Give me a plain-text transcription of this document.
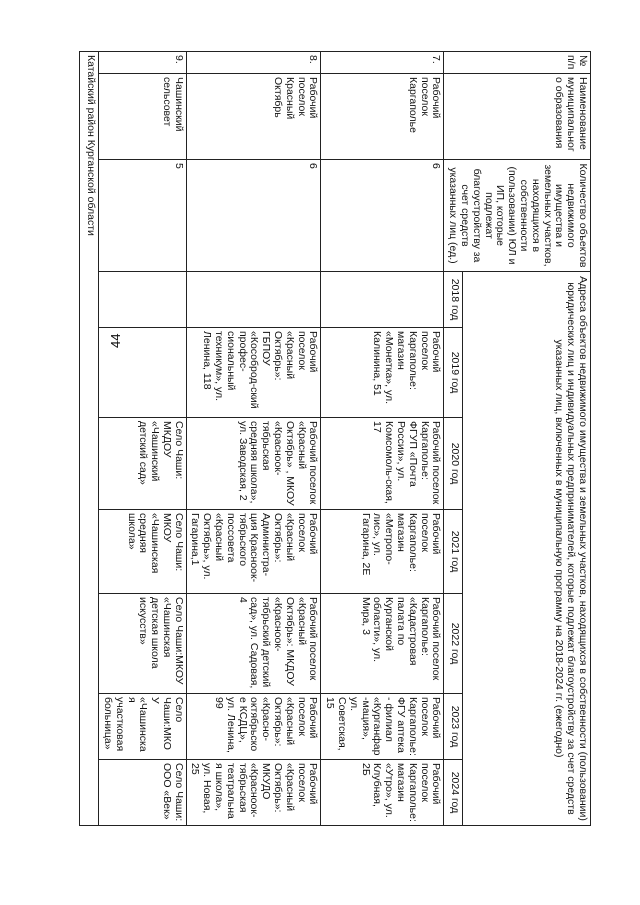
44
№ п/п	Наименование муниципального образования	Количество объектов недвижимого имущества и земельных участков, находящихся в собственности (пользовании) ЮЛ и ИП, которые подлежат благоустройству за счет средств указанных лиц (ед.)	Адреса объектов недвижимого имущества и земельных участков, находящихся в собственности (пользовании) юридических лиц и индивидуальных предпринимателей, которые подлежат благоустройству за счет средств указанных лиц, включенных в муниципальную программу на 2018-2024 гг. (ежегодно)						
			2018 год	2019 год	2020 год	2021 год	2022 год	2023 год	2024 год
7.	Рабочий поселок Каргаполье	6		Рабочий поселок Каргаполье: магазин «Монетка», ул. Калинина, 51	Рабочий поселок Каргаполье: ФГУП «Почта России», ул. Комсомоль-ская, 17	Рабочий поселок Каргаполье: магазин «Метропо-лис», ул. Гагарина, 2Е	Рабочий поселок Каргаполье: «Кадастровая палата по Курганской области», ул. Мира, 3	Рабочий поселок Каргаполье: ФГУ аптека - филиал «Курганфар-мация», ул. Советская, 15	Рабочий поселок Каргаполье: магазин «Утро», ул. Клубная, 2Б
8.	Рабочий поселок Красный Октябрь	6		Рабочий поселок «Красный Октябрь»: ГБПОУ «Кособрод-ский профес-сиональный техникум», ул. Ленина, 118	Рабочий поселок «Красный Октябрь» , МКОУ «Красноок-тябрьская средняя школа», ул. Заводская, 2	Рабочий поселок «Красный Октябрь»: Администра-ция Красноок-тябрьского поссовета «Красный Октябрь», ул. Гагарина,1	Рабочий поселок «Красный Октябрь»: МКДОУ «Красноок-тябрьский детский сад», ул. Садовая, 4	Рабочий поселок «Красный Октябрь»: «Красно-октябрьское КСДЦ», ул. Ленина, 99	Рабочий поселок «Красный Октябрь»: МКУДО «Красноок-тябрьская театральная школа», ул. Новая, 25
9.	Чашинский сельсовет	5			Село Чаши: МКДОУ «Чашинский детский сад»	Село Чаши: МКОУ «Чашинская средняя школа»	Село Чаши:МКОУ «Чашинская детская школа искусств»	Село Чаши:МКОУ «Чашинская участковая больница»	Село Чаши: ООО «Век»
Катайский район Курганской области									
